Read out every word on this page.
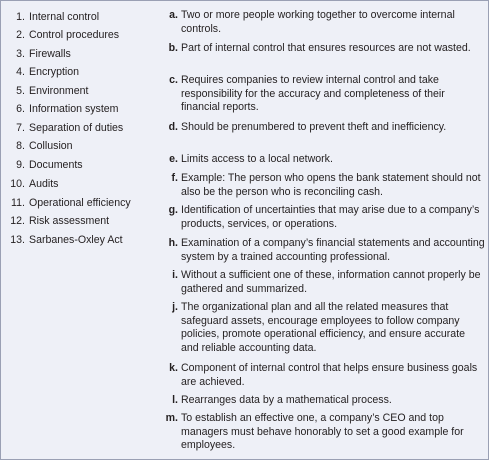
1. Internal control
2. Control procedures
3. Firewalls
4. Encryption
5. Environment
6. Information system
7. Separation of duties
8. Collusion
9. Documents
10. Audits
11. Operational efficiency
12. Risk assessment
13. Sarbanes-Oxley Act
a. Two or more people working together to overcome internal controls.
b. Part of internal control that ensures resources are not wasted.
c. Requires companies to review internal control and take responsibility for the accuracy and completeness of their financial reports.
d. Should be prenumbered to prevent theft and inefficiency.
e. Limits access to a local network.
f. Example: The person who opens the bank statement should not also be the person who is reconciling cash.
g. Identification of uncertainties that may arise due to a company’s products, services, or operations.
h. Examination of a company’s financial statements and accounting system by a trained accounting professional.
i. Without a sufficient one of these, information cannot properly be gathered and summarized.
j. The organizational plan and all the related measures that safeguard assets, encourage employees to follow company policies, promote operational efficiency, and ensure accurate and reliable accounting data.
k. Component of internal control that helps ensure business goals are achieved.
l. Rearranges data by a mathematical process.
m. To establish an effective one, a company’s CEO and top managers must behave honorably to set a good example for employees.
